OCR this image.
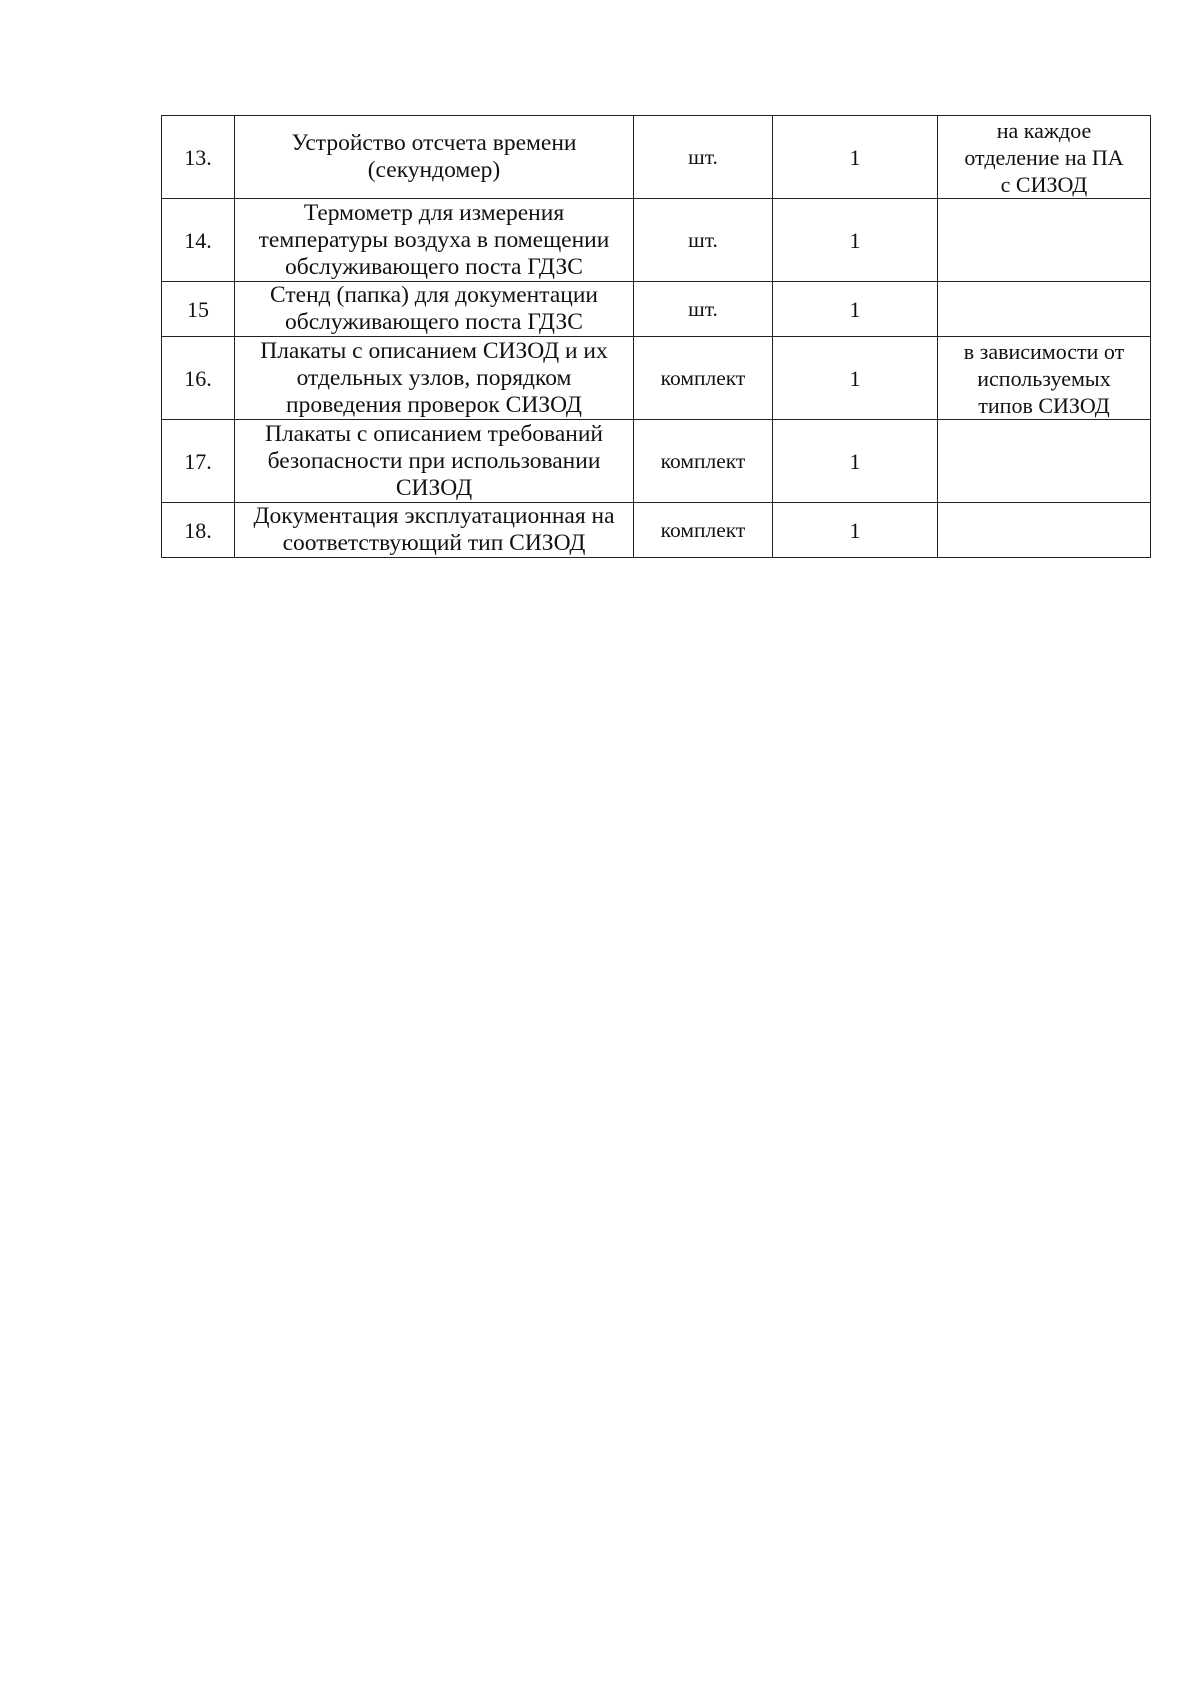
13.	Устройство отсчета времени
(секундомер)	шт.	1	на каждое
отделение на ПА
с СИЗОД
14.	Термометр для измерения
температуры воздуха в помещении
обслуживающего поста ГДЗС	шт.	1	
15	Стенд (папка) для документации
обслуживающего поста ГДЗС	шт.	1	
16.	Плакаты с описанием СИЗОД и их
отдельных узлов, порядком
проведения проверок СИЗОД	комплект	1	в зависимости от
используемых
типов СИЗОД
17.	Плакаты с описанием требований
безопасности при использовании
СИЗОД	комплект	1	
18.	Документация эксплуатационная на
соответствующий тип СИЗОД	комплект	1	
